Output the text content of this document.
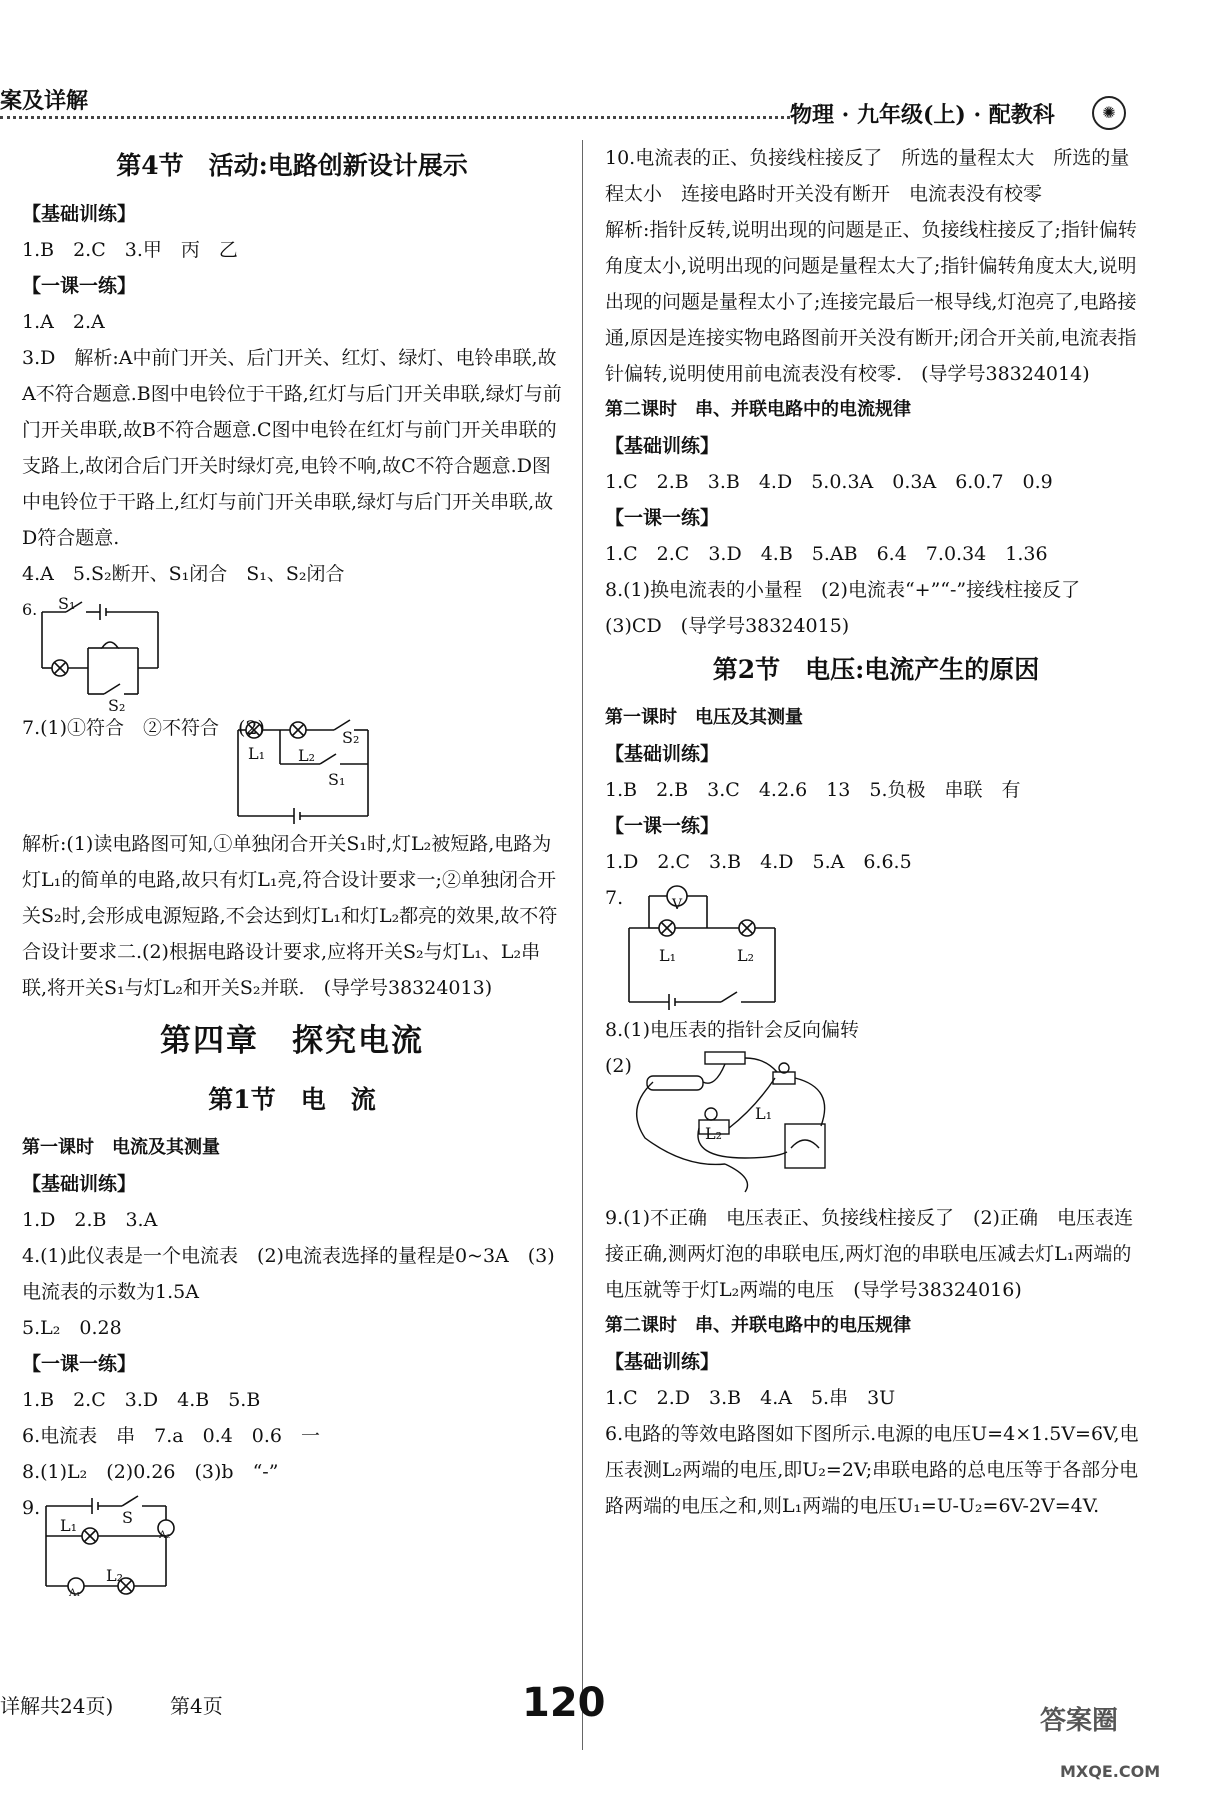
案及详解
物理 · 九年级(上) · 配教科	✺
第4节　活动:电路创新设计展示

【基础训练】

1.B　2.C　3.甲　丙　乙

【一课一练】

1.A　2.A

3.D　解析:A中前门开关、后门开关、红灯、绿灯、电铃串联,故A不符合题意.B图中电铃位于干路,红灯与后门开关串联,绿灯与前门开关串联,故B不符合题意.C图中电铃在红灯与前门开关串联的支路上,故闭合后门开关时绿灯亮,电铃不响,故C不符合题意.D图中电铃位于干路上,红灯与前门开关串联,绿灯与后门开关串联,故D符合题意.

4.A　5.S₂断开、S₁闭合　S₁、S₂闭合

6. S₁
S₂
7.(1)①符合　②不符合　(2)
L₁ L₂
S₂
S₁

解析:(1)读电路图可知,①单独闭合开关S₁时,灯L₂被短路,电路为灯L₁的简单的电路,故只有灯L₁亮,符合设计要求一;②单独闭合开关S₂时,会形成电源短路,不会达到灯L₁和灯L₂都亮的效果,故不符合设计要求二.(2)根据电路设计要求,应将开关S₂与灯L₁、L₂串联,将开关S₁与灯L₂和开关S₂并联.　(导学号38324013)

第四章　探究电流
第1节　电　流

第一课时　电流及其测量

【基础训练】

1.D　2.B　3.A

4.(1)此仪表是一个电流表　(2)电流表选择的量程是0~3A　(3)电流表的示数为1.5A

5.L₂　0.28

【一课一练】

1.B　2.C　3.D　4.B　5.B

6.电流表　串　7.a　0.4　0.6　一

8.(1)L₂　(2)0.26　(3)b　“-”

9.	S
L₁
L₂
A₁
A₂

10.电流表的正、负接线柱接反了　所选的量程太大　所选的量程太小　连接电路时开关没有断开　电流表没有校零

解析:指针反转,说明出现的问题是正、负接线柱接反了;指针偏转角度太小,说明出现的问题是量程太大了;指针偏转角度太大,说明出现的问题是量程太小了;连接完最后一根导线,灯泡亮了,电路接通,原因是连接实物电路图前开关没有断开;闭合开关前,电流表指针偏转,说明使用前电流表没有校零.　(导学号38324014)

第二课时　串、并联电路中的电流规律

【基础训练】

1.C　2.B　3.B　4.D　5.0.3A　0.3A　6.0.7　0.9

【一课一练】

1.C　2.C　3.D　4.B　5.AB　6.4　7.0.34　1.36

8.(1)换电流表的小量程　(2)电流表“+”“-”接线柱接反了　(3)CD　(导学号38324015)

第2节　电压:电流产生的原因

第一课时　电压及其测量

【基础训练】

1.B　2.B　3.C　4.2.6　13　5.负极　串联　有

【一课一练】

1.D　2.C　3.B　4.D　5.A　6.6.5

7.	V
L₁	L₂

8.(1)电压表的指针会反向偏转

(2)
L₂
L₁

9.(1)不正确　电压表正、负接线柱接反了　(2)正确　电压表连接正确,测两灯泡的串联电压,两灯泡的串联电压减去灯L₁两端的电压就等于灯L₂两端的电压　(导学号38324016)

第二课时　串、并联电路中的电压规律

【基础训练】

1.C　2.D　3.B　4.A　5.串　3U

6.电路的等效电路图如下图所示.电源的电压U=4×1.5V=6V,电压表测L₂两端的电压,即U₂=2V;串联电路的总电压等于各部分电路两端的电压之和,则L₁两端的电压U₁=U-U₂=6V-2V=4V.

详解共24页)	第4页	120	答案圈
MXQE.COM
